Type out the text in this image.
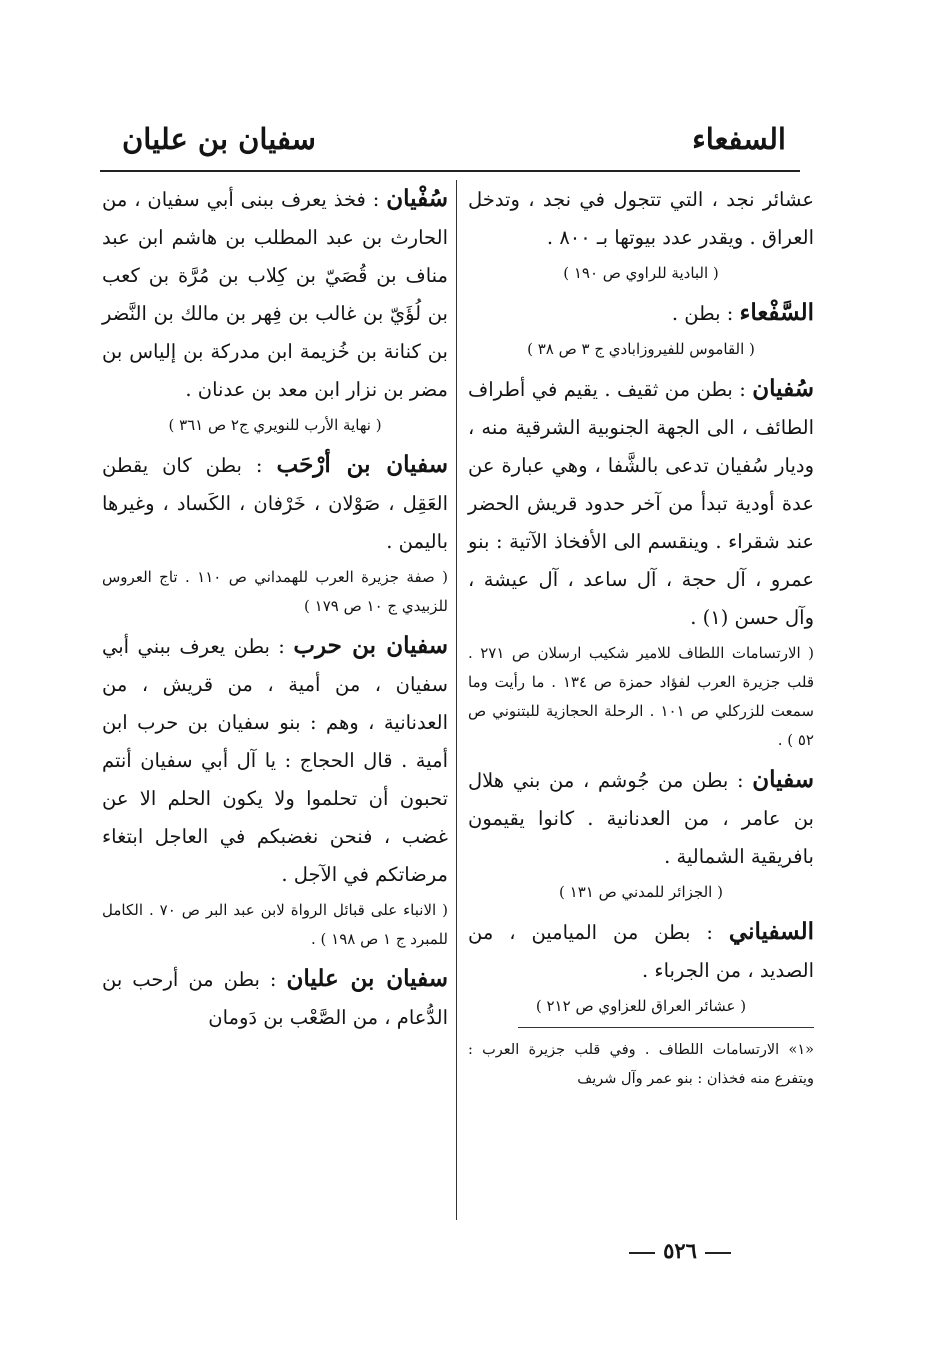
السفعاء
سفيان بن عليان

عشائر نجد ، التي تتجول في نجد ، وتدخل العراق . ويقدر عدد بيوتها بـ ٨٠٠ .

( البادية للراوي ص ١٩٠ )

السَّفْعاء : بطن .

( القاموس للفيروزابادي ج ٣ ص ٣٨ )

سُفيان : بطن من ثقيف . يقيم في أطراف الطائف ، الى الجهة الجنوبية الشرقية منه ، وديار سُفيان تدعى بالشَّفا ، وهي عبارة عن عدة أودية تبدأ من آخر حدود قريش الحضر عند شقراء . وينقسم الى الأفخاذ الآتية : بنو عمرو ، آل حجة ، آل ساعد ، آل عيشة ، وآل حسن (١) .

( الارتسامات اللطاف للامير شكيب ارسلان ص ٢٧١ . قلب جزيرة العرب لفؤاد حمزة ص ١٣٤ . ما رأيت وما سمعت للزركلي ص ١٠١ . الرحلة الحجازية للبتنوني ص ٥٢ ) .

سفيان : بطن من جُوشم ، من بني هلال بن عامر ، من العدنانية . كانوا يقيمون بافريقية الشمالية .

( الجزائر للمدني ص ١٣١ )

السفياني : بطن من الميامين ، من الصديد ، من الجرباء .

( عشائر العراق للعزاوي ص ٢١٢ )

«١» الارتسامات اللطاف . وفي قلب جزيرة العرب : ويتفرع منه فخذان : بنو عمر وآل شريف

سُفْيان : فخذ يعرف ببنى أبي سفيان ، من الحارث بن عبد المطلب بن هاشم ابن عبد مناف بن قُصَيّ بن كِلاب بن مُرَّة بن كعب بن لُؤَيّ بن غالب بن فِهر بن مالك بن النَّضر بن كنانة بن خُزيمة ابن مدركة بن إلياس بن مضر بن نزار ابن معد بن عدنان .

( نهاية الأرب للنويري ج٢ ص ٣٦١ )

سفيان بن أرْحَب : بطن كان يقطن العَقِل ، صَوْلان ، خَرْفان ، الكَساد ، وغيرها باليمن .

( صفة جزيرة العرب للهمداني ص ١١٠ . تاج العروس للزبيدي ج ١٠ ص ١٧٩ )

سفيان بن حرب : بطن يعرف ببني أبي سفيان ، من أمية ، من قريش ، من العدنانية ، وهم : بنو سفيان بن حرب ابن أمية . قال الحجاج : يا آل أبي سفيان أنتم تحبون أن تحلموا ولا يكون الحلم الا عن غضب ، فنحن نغضبكم في العاجل ابتغاء مرضاتكم في الآجل .

( الانباء على قبائل الرواة لابن عبد البر ص ٧٠ . الكامل للمبرد ج ١ ص ١٩٨ ) .

سفيان بن عليان : بطن من أرحب بن الدُّعام ، من الصَّعْب بن دَومان

٥٢٦
